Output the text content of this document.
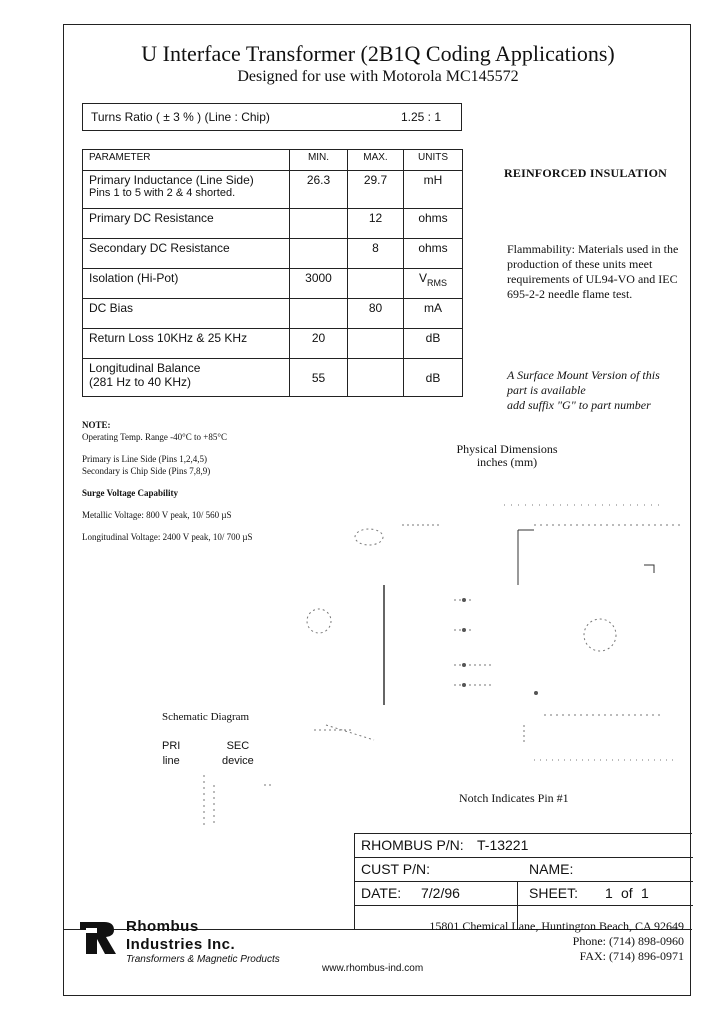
U Interface Transformer (2B1Q Coding Applications)
Designed for use with Motorola MC145572
Turns Ratio ( ± 3 % ) (Line : Chip)	1.25 : 1
PARAMETER	MIN.	MAX.	UNITS

Primary Inductance (Line Side)
Pins 1 to 5 with 2 & 4 shorted.	26.3	29.7	mH
Primary DC Resistance		12	ohms
Secondary DC Resistance		8	ohms
Isolation (Hi-Pot)	3000		$V_{RMS}$
DC Bias		80	mA
Return Loss 10KHz & 25 KHz	20		dB

Longitudinal Balance
(281 Hz to 40 KHz)	55		dB
REINFORCED INSULATION
Flammability: Materials used in the production of these units meet requirements of UL94-VO and IEC 695-2-2 needle flame test.
A Surface Mount Version of this
part is available
add suffix "G" to part number
NOTE:
Operating Temp. Range -40°C to +85°C
Primary is Line Side (Pins 1,2,4,5)
Secondary is Chip Side (Pins 7,8,9)
Surge Voltage Capability
Metallic Voltage: 800 V peak, 10/ 560 µS
Longitudinal Voltage: 2400 V peak, 10/ 700 µS
Physical Dimensions
inches (mm)
Notch Indicates Pin #1
Schematic Diagram
PRI
line
SEC
device
RHOMBUS P/N: T-13221
CUST P/N:	NAME:
DATE: 7/2/96	SHEET: 1 of 1
Rhombus
Industries Inc.
Transformers & Magnetic Products
15801 Chemical Lane, Huntington Beach, CA 92649
Phone: (714) 898-0960
FAX: (714) 896-0971
www.rhombus-ind.com
